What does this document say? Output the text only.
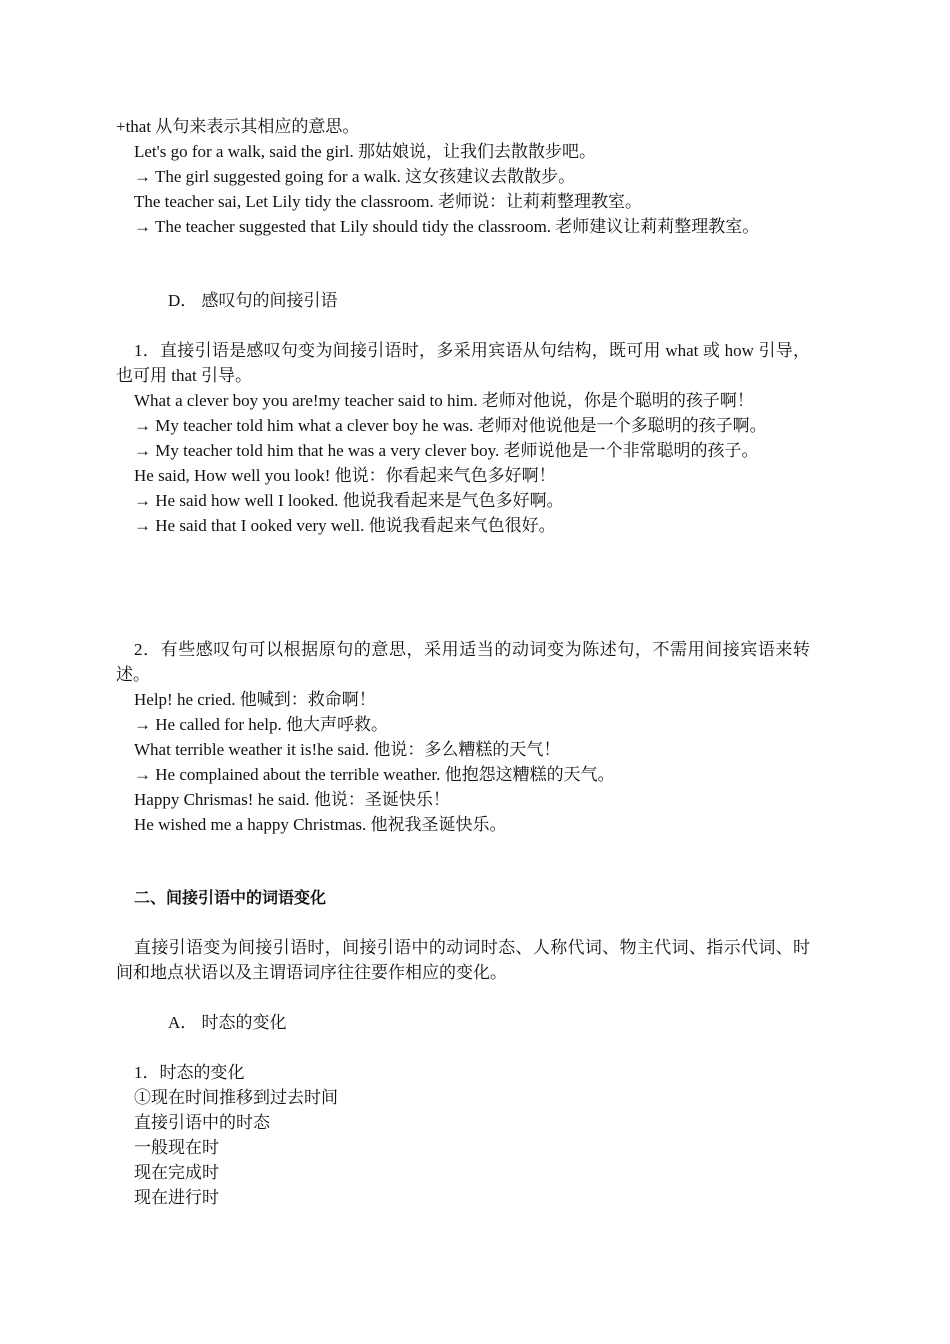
+that 从句来表示其相应的意思。
Let's go for a walk, said the girl. 那姑娘说，让我们去散散步吧。
→ The girl suggested going for a walk. 这女孩建议去散散步。
The teacher sai, Let Lily tidy the classroom. 老师说：让莉莉整理教室。
→ The teacher suggested that Lily should tidy the classroom. 老师建议让莉莉整理教室。
D． 感叹句的间接引语
1．直接引语是感叹句变为间接引语时，多采用宾语从句结构，既可用 what 或 how 引导，也可用 that 引导。
What a clever boy you are!my teacher said to him. 老师对他说，你是个聪明的孩子啊！
→ My teacher told him what a clever boy he was. 老师对他说他是一个多聪明的孩子啊。
→ My teacher told him that he was a very clever boy. 老师说他是一个非常聪明的孩子。
He said, How well you look! 他说：你看起来气色多好啊！
→ He said how well I looked. 他说我看起来是气色多好啊。
→ He said that I ooked very well. 他说我看起来气色很好。
2．有些感叹句可以根据原句的意思，采用适当的动词变为陈述句，不需用间接宾语来转述。
Help! he cried. 他喊到：救命啊！
→ He called for help. 他大声呼救。
What terrible weather it is!he said. 他说：多么糟糕的天气！
→ He complained about the terrible weather. 他抱怨这糟糕的天气。
Happy Chrismas! he said. 他说：圣诞快乐！
He wished me a happy Christmas. 他祝我圣诞快乐。
二、间接引语中的词语变化
直接引语变为间接引语时，间接引语中的动词时态、人称代词、物主代词、指示代词、时间和地点状语以及主谓语词序往往要作相应的变化。
A． 时态的变化
1．时态的变化
①现在时间推移到过去时间
直接引语中的时态
一般现在时
现在完成时
现在进行时
